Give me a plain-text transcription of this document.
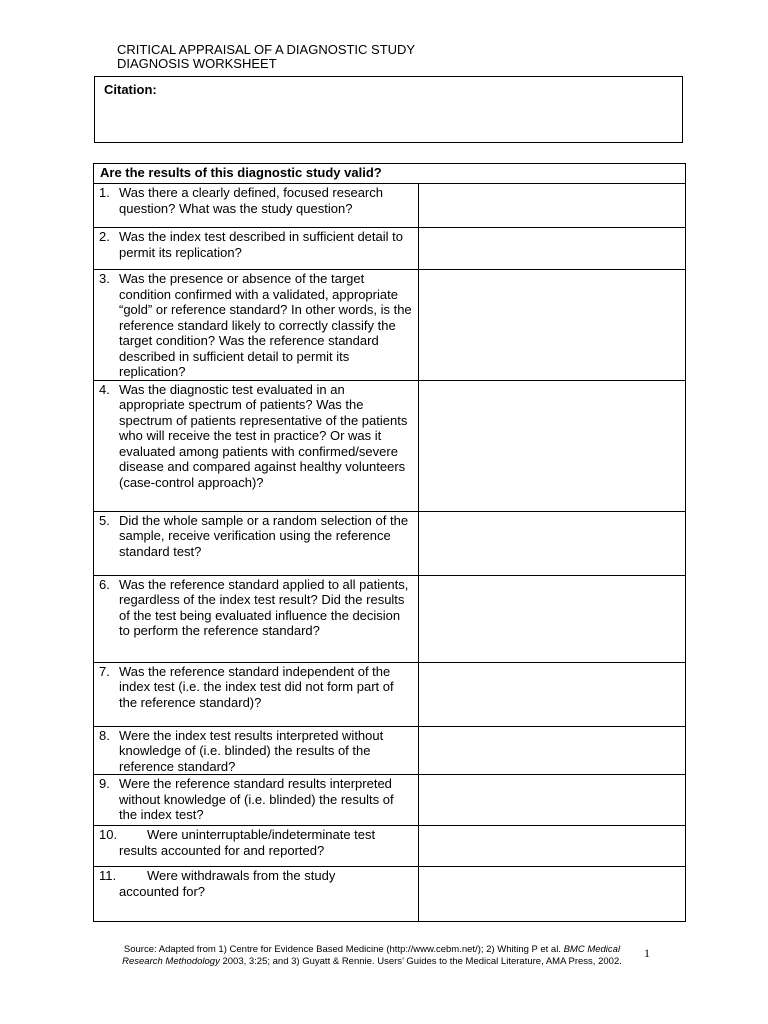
CRITICAL APPRAISAL OF A DIAGNOSTIC STUDY
DIAGNOSIS WORKSHEET
Citation:
Are the results of this diagnostic study valid?	

1. Was there a clearly defined, focused research question? What was the study question?	

2. Was the index test described in sufficient detail to permit its replication?	

3. Was the presence or absence of the target condition confirmed with a validated, appropriate “gold” or reference standard? In other words, is the reference standard likely to correctly classify the target condition? Was the reference standard described in sufficient detail to permit its replication?	

4. Was the diagnostic test evaluated in an appropriate spectrum of patients? Was the spectrum of patients representative of the patients who will receive the test in practice? Or was it evaluated among patients with confirmed/severe disease and compared against healthy volunteers (case-control approach)?	

5. Did the whole sample or a random selection of the sample, receive verification using the reference standard test?	

6. Was the reference standard applied to all patients, regardless of the index test result? Did the results of the test being evaluated influence the decision to perform the reference standard?	

7. Was the reference standard independent of the index test (i.e. the index test did not form part of the reference standard)?	

8. Were the index test results interpreted without knowledge of (i.e. blinded) the results of the reference standard?	

9. Were the reference standard results interpreted without knowledge of (i.e. blinded) the results of the index test?	

10. Were uninterruptable/indeterminate test
results accounted for and reported?	

11. Were withdrawals from the study
accounted for?	

Source: Adapted from 1) Centre for Evidence Based Medicine (http://www.cebm.net/); 2) Whiting P et al. BMC Medical Research Methodology 2003, 3:25; and 3) Guyatt & Rennie. Users’ Guides to the Medical Literature, AMA Press, 2002.
1
